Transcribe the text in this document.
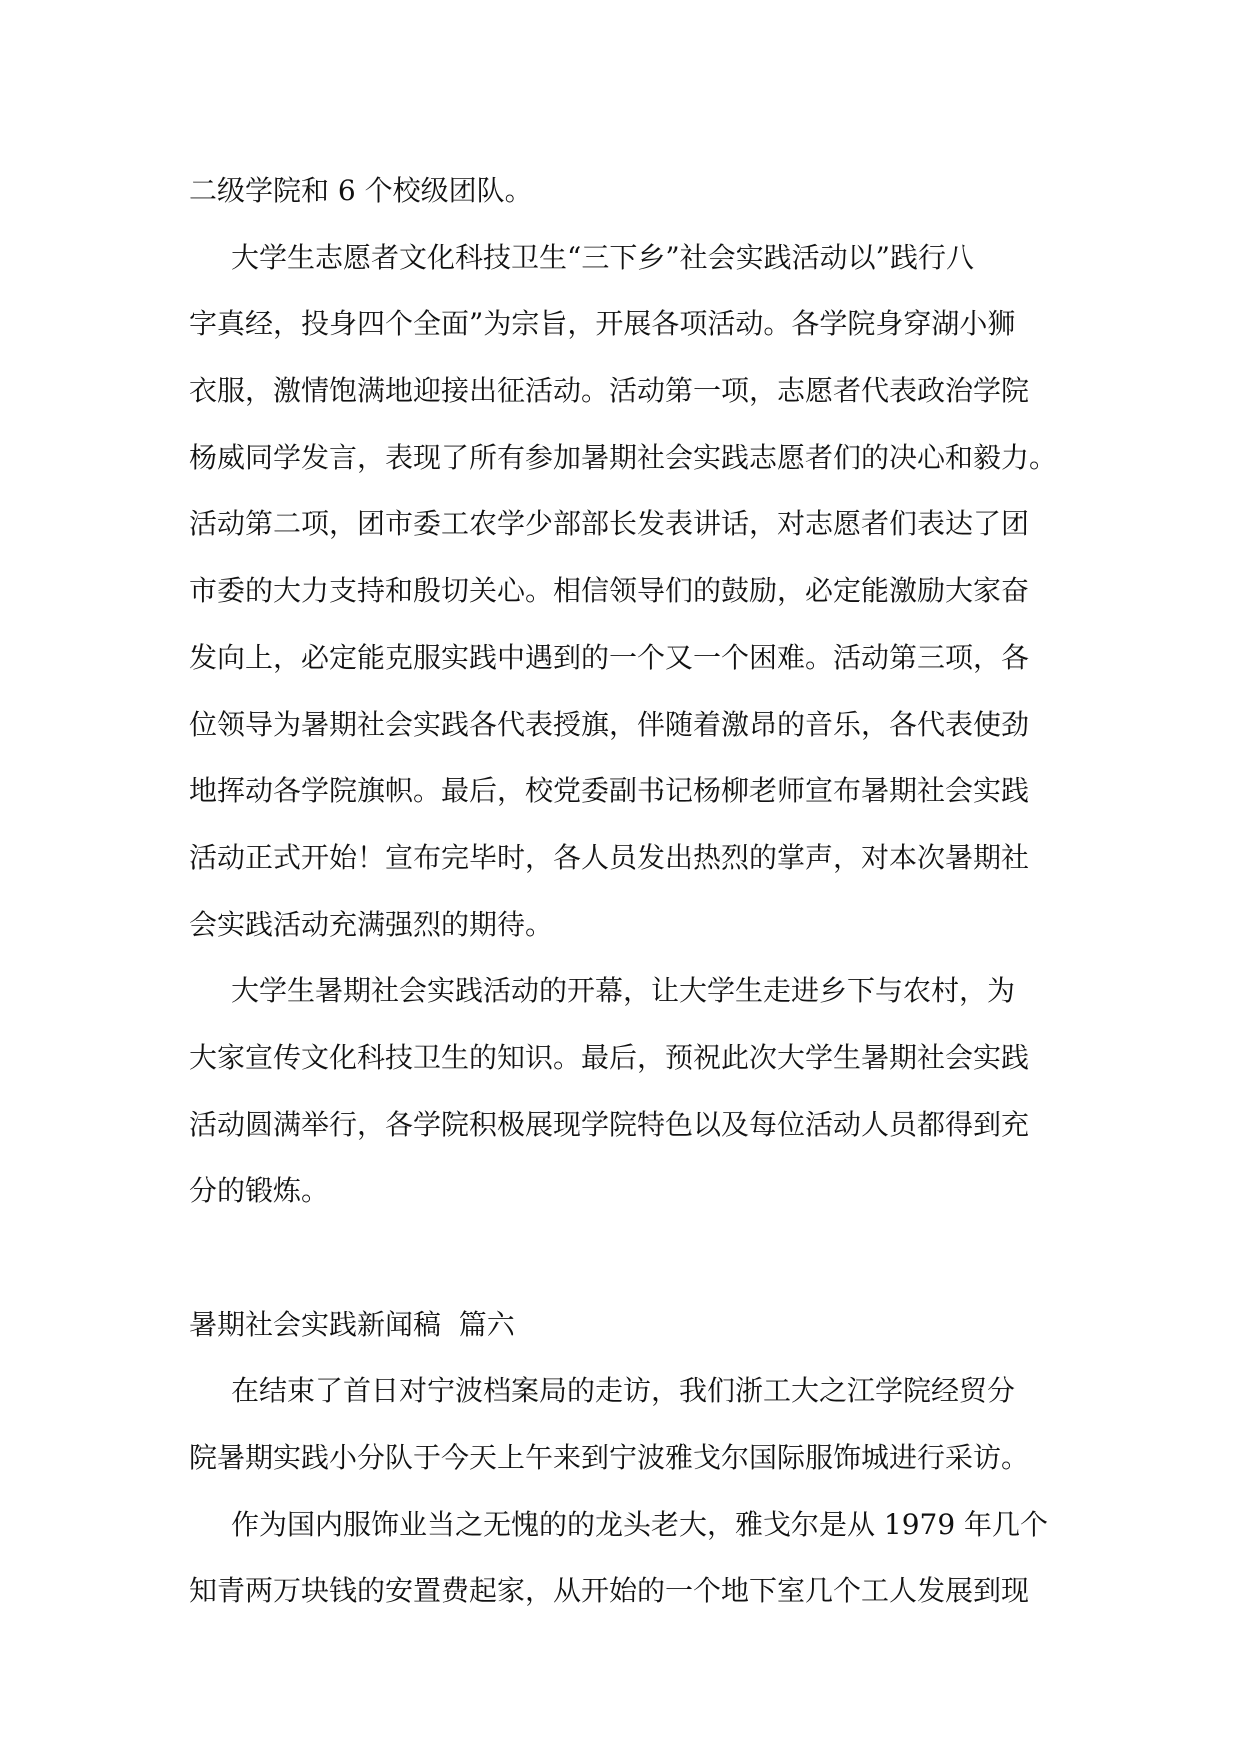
二级学院和 6 个校级团队。
大学生志愿者文化科技卫生“三下乡”社会实践活动以”践行八
字真经，投身四个全面”为宗旨，开展各项活动。各学院身穿湖小狮
衣服，激情饱满地迎接出征活动。活动第一项，志愿者代表政治学院
杨威同学发言，表现了所有参加暑期社会实践志愿者们的决心和毅力。
活动第二项，团市委工农学少部部长发表讲话，对志愿者们表达了团
市委的大力支持和殷切关心。相信领导们的鼓励，必定能激励大家奋
发向上，必定能克服实践中遇到的一个又一个困难。活动第三项，各
位领导为暑期社会实践各代表授旗，伴随着激昂的音乐，各代表使劲
地挥动各学院旗帜。最后，校党委副书记杨柳老师宣布暑期社会实践
活动正式开始！宣布完毕时，各人员发出热烈的掌声，对本次暑期社
会实践活动充满强烈的期待。
大学生暑期社会实践活动的开幕，让大学生走进乡下与农村，为
大家宣传文化科技卫生的知识。最后，预祝此次大学生暑期社会实践
活动圆满举行，各学院积极展现学院特色以及每位活动人员都得到充
分的锻炼。
暑期社会实践新闻稿  篇六
在结束了首日对宁波档案局的走访，我们浙工大之江学院经贸分
院暑期实践小分队于今天上午来到宁波雅戈尔国际服饰城进行采访。
作为国内服饰业当之无愧的的龙头老大，雅戈尔是从 1979 年几个
知青两万块钱的安置费起家，从开始的一个地下室几个工人发展到现
